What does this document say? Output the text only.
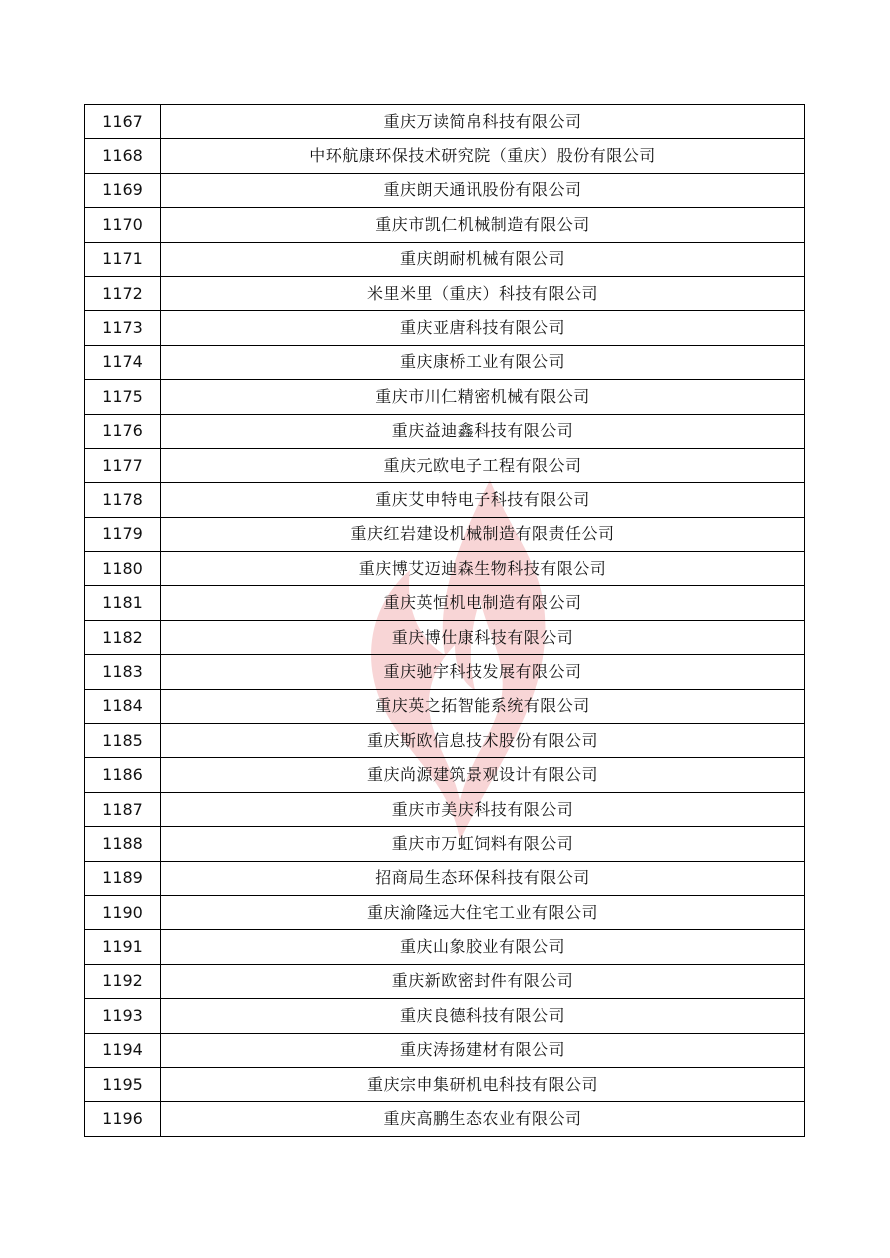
1167	重庆万读简帛科技有限公司
1168	中环航康环保技术研究院（重庆）股份有限公司
1169	重庆朗天通讯股份有限公司
1170	重庆市凯仁机械制造有限公司
1171	重庆朗耐机械有限公司
1172	米里米里（重庆）科技有限公司
1173	重庆亚唐科技有限公司
1174	重庆康桥工业有限公司
1175	重庆市川仁精密机械有限公司
1176	重庆益迪鑫科技有限公司
1177	重庆元欧电子工程有限公司
1178	重庆艾申特电子科技有限公司
1179	重庆红岩建设机械制造有限责任公司
1180	重庆博艾迈迪森生物科技有限公司
1181	重庆英恒机电制造有限公司
1182	重庆博仕康科技有限公司
1183	重庆驰宇科技发展有限公司
1184	重庆英之拓智能系统有限公司
1185	重庆斯欧信息技术股份有限公司
1186	重庆尚源建筑景观设计有限公司
1187	重庆市美庆科技有限公司
1188	重庆市万虹饲料有限公司
1189	招商局生态环保科技有限公司
1190	重庆渝隆远大住宅工业有限公司
1191	重庆山象胶业有限公司
1192	重庆新欧密封件有限公司
1193	重庆良德科技有限公司
1194	重庆涛扬建材有限公司
1195	重庆宗申集研机电科技有限公司
1196	重庆高鹏生态农业有限公司
